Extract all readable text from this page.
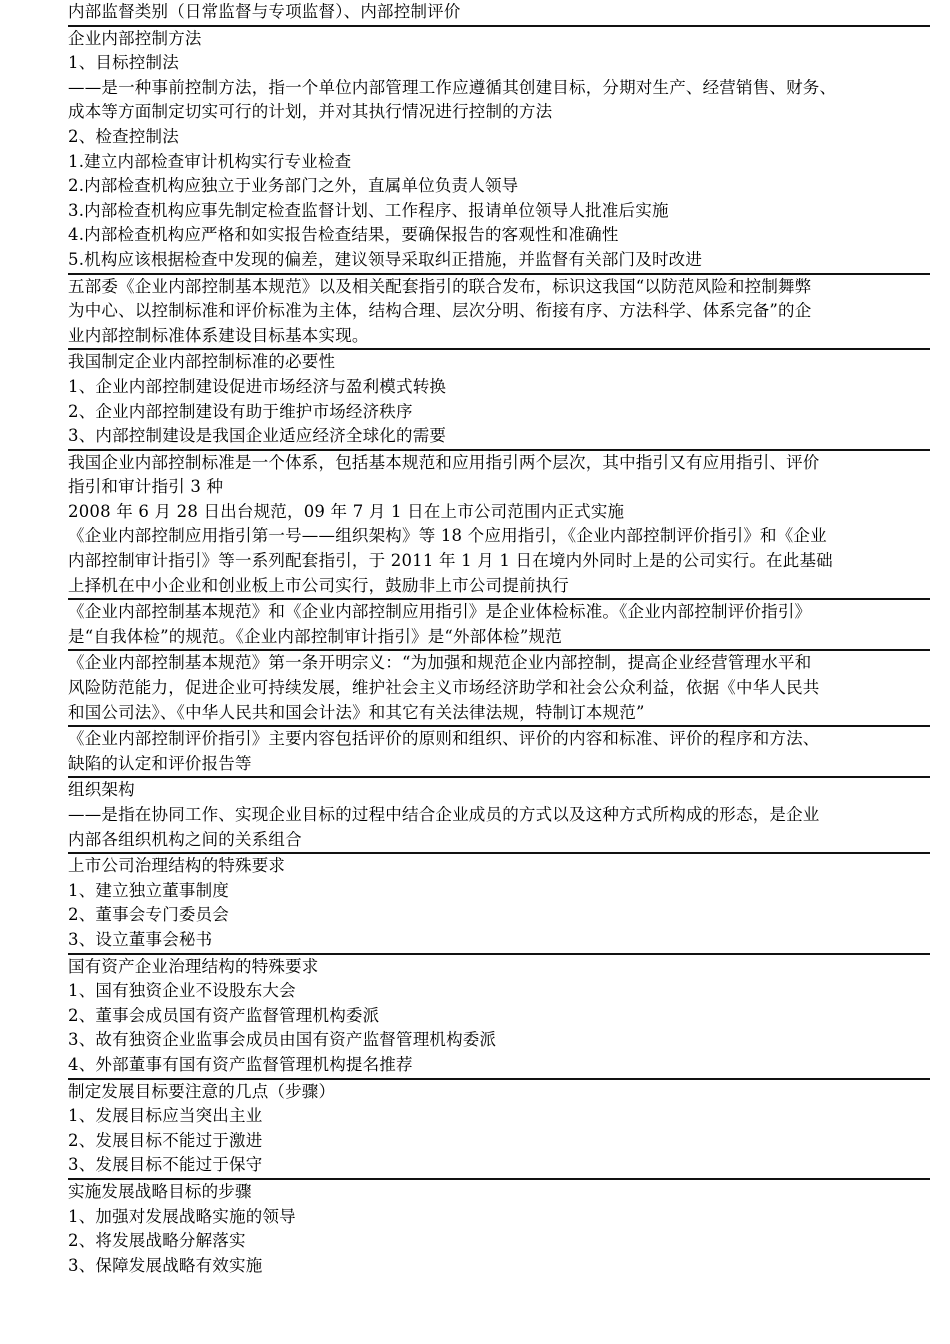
内部监督类别（日常监督与专项监督）、内部控制评价
企业内部控制方法
1、目标控制法
——是一种事前控制方法，指一个单位内部管理工作应遵循其创建目标，分期对生产、经营销售、财务、
成本等方面制定切实可行的计划，并对其执行情况进行控制的方法
2、检查控制法
1.建立内部检查审计机构实行专业检查
2.内部检查机构应独立于业务部门之外，直属单位负责人领导
3.内部检查机构应事先制定检查监督计划、工作程序、报请单位领导人批准后实施
4.内部检查机构应严格和如实报告检查结果，要确保报告的客观性和准确性
5.机构应该根据检查中发现的偏差，建议领导采取纠正措施，并监督有关部门及时改进
五部委《企业内部控制基本规范》以及相关配套指引的联合发布，标识这我国“以防范风险和控制舞弊
为中心、以控制标准和评价标准为主体，结构合理、层次分明、衔接有序、方法科学、体系完备”的企
业内部控制标准体系建设目标基本实现。
我国制定企业内部控制标准的必要性
1、企业内部控制建设促进市场经济与盈利模式转换
2、企业内部控制建设有助于维护市场经济秩序
3、内部控制建设是我国企业适应经济全球化的需要
我国企业内部控制标准是一个体系，包括基本规范和应用指引两个层次，其中指引又有应用指引、评价
指引和审计指引 3 种
2008 年 6 月 28 日出台规范，09 年 7 月 1 日在上市公司范围内正式实施
《企业内部控制应用指引第一号——组织架构》等 18 个应用指引，《企业内部控制评价指引》和《企业
内部控制审计指引》等一系列配套指引，于 2011 年 1 月 1 日在境内外同时上是的公司实行。在此基础
上择机在中小企业和创业板上市公司实行，鼓励非上市公司提前执行
《企业内部控制基本规范》和《企业内部控制应用指引》是企业体检标准。《企业内部控制评价指引》
是“自我体检”的规范。《企业内部控制审计指引》是“外部体检”规范
《企业内部控制基本规范》第一条开明宗义：“为加强和规范企业内部控制，提高企业经营管理水平和
风险防范能力，促进企业可持续发展，维护社会主义市场经济助学和社会公众利益，依据《中华人民共
和国公司法》、《中华人民共和国会计法》和其它有关法律法规，特制订本规范”
《企业内部控制评价指引》主要内容包括评价的原则和组织、评价的内容和标准、评价的程序和方法、
缺陷的认定和评价报告等
组织架构
——是指在协同工作、实现企业目标的过程中结合企业成员的方式以及这种方式所构成的形态，是企业
内部各组织机构之间的关系组合
上市公司治理结构的特殊要求
1、建立独立董事制度
2、董事会专门委员会
3、设立董事会秘书
国有资产企业治理结构的特殊要求
1、国有独资企业不设股东大会
2、董事会成员国有资产监督管理机构委派
3、故有独资企业监事会成员由国有资产监督管理机构委派
4、外部董事有国有资产监督管理机构提名推荐
制定发展目标要注意的几点（步骤）
1、发展目标应当突出主业
2、发展目标不能过于激进
3、发展目标不能过于保守
实施发展战略目标的步骤
1、加强对发展战略实施的领导
2、将发展战略分解落实
3、保障发展战略有效实施
